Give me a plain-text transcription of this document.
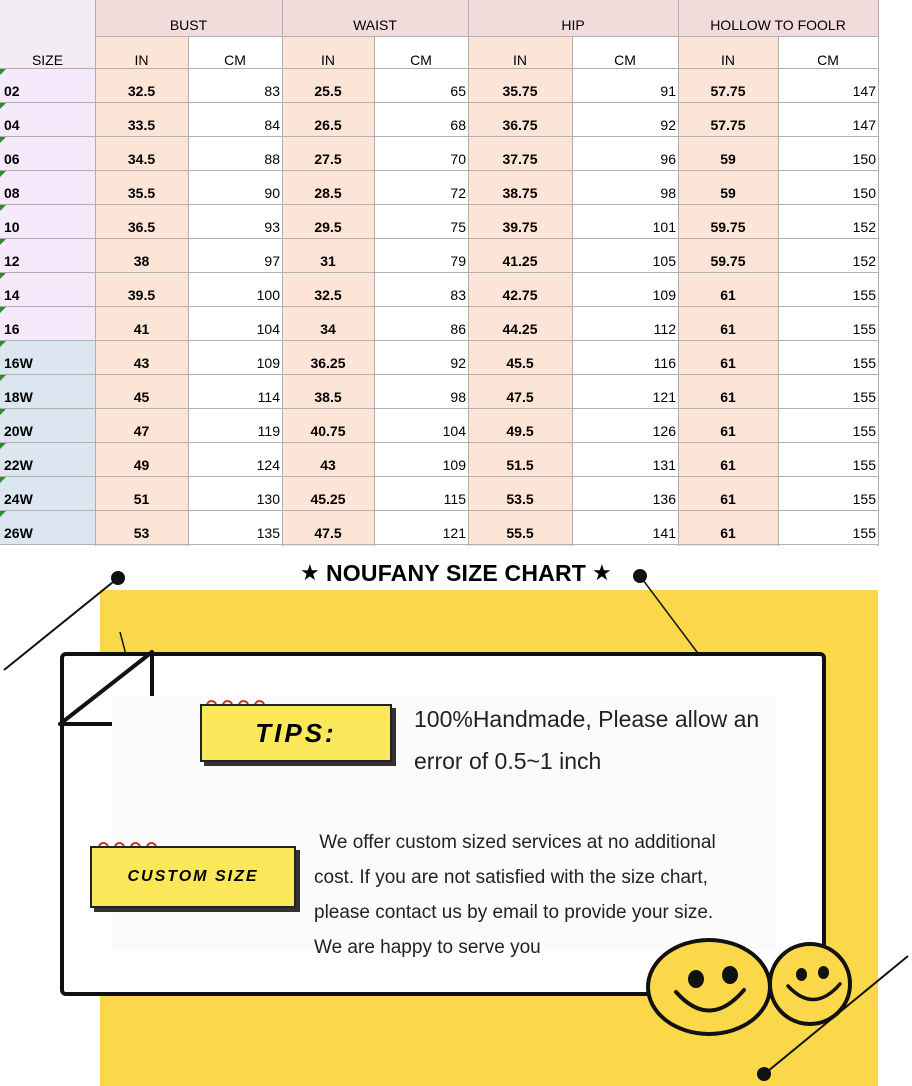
BUST
IN	CM
WAIST
IN	CM
HIP
IN	CM
HOLLOW TO FOOLR
IN	CM
SIZE
02	32.5	83	25.5	65	35.75	91	57.75	147
04	33.5	84	26.5	68	36.75	92	57.75	147
06	34.5	88	27.5	70	37.75	96	59	150
08	35.5	90	28.5	72	38.75	98	59	150
10	36.5	93	29.5	75	39.75	101	59.75	152
12	38	97	31	79	41.25	105	59.75	152
14	39.5	100	32.5	83	42.75	109	61	155
16	41	104	34	86	44.25	112	61	155
16W	43	109	36.25	92	45.5	116	61	155
18W	45	114	38.5	98	47.5	121	61	155
20W	47	119	40.75	104	49.5	126	61	155
22W	49	124	43	109	51.5	131	61	155
24W	51	130	45.25	115	53.5	136	61	155
26W	53	135	47.5	121	55.5	141	61	155
★ NOUFANY SIZE CHART ★
TIPS:	100%Handmade, Please allow an
error of 0.5~1 inch
CUSTOM SIZE
We offer custom sized services at no additional
cost. If you are not satisfied with the size chart,
please contact us by email to provide your size.
We are happy to serve you
